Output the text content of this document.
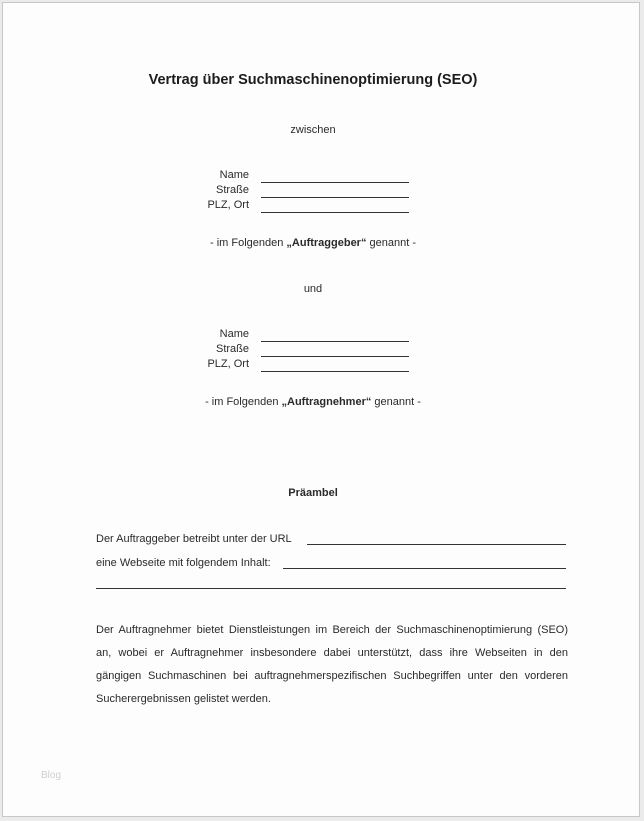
Vertrag über Suchmaschinenoptimierung (SEO)
zwischen
Name
Straße
PLZ, Ort
- im Folgenden „Auftraggeber“ genannt -
und
Name
Straße
PLZ, Ort
- im Folgenden „Auftragnehmer“ genannt -
Präambel
Der Auftraggeber betreibt unter der URL
eine Webseite mit folgendem Inhalt:
Der Auftragnehmer bietet Dienstleistungen im Bereich der Suchmaschinenoptimierung (SEO)
an, wobei er Auftragnehmer insbesondere dabei unterstützt, dass ihre Webseiten in den
gängigen Suchmaschinen bei auftragnehmerspezifischen Suchbegriffen unter den vorderen
Sucherergebnissen gelistet werden.
Blog
